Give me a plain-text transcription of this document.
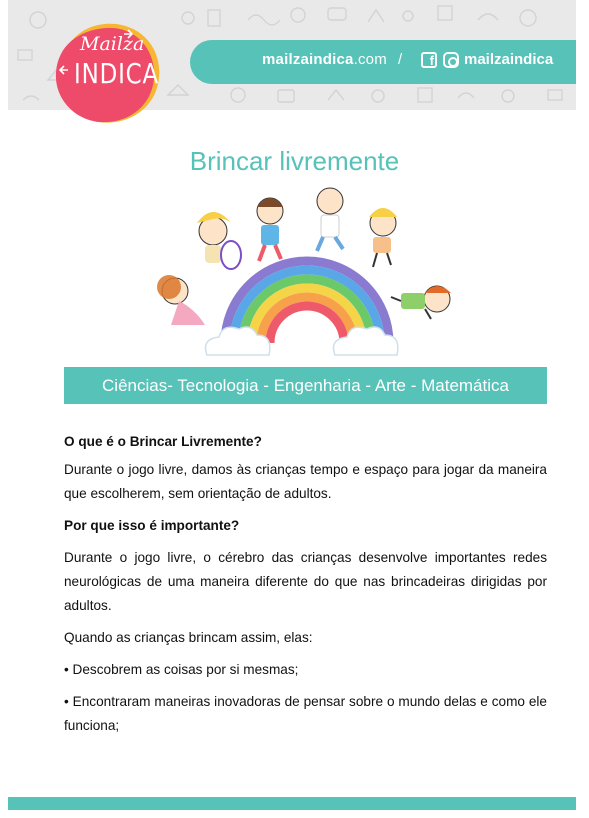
mailzaindica.com /	f mailzaindica
Mailza
INDICA
Brincar livremente
Ciências- Tecnologia - Engenharia - Arte - Matemática

O que é o Brincar Livremente?

Durante o jogo livre, damos às crianças tempo e espaço para jogar da maneira que escolherem, sem orientação de adultos.

Por que isso é importante?

Durante o jogo livre, o cérebro das crianças desenvolve importantes redes neurológicas de uma maneira diferente do que nas brincadeiras dirigidas por adultos.

Quando as crianças brincam assim, elas:

• Descobrem as coisas por si mesmas;

• Encontraram maneiras inovadoras de pensar sobre o mundo delas e como ele funciona;
